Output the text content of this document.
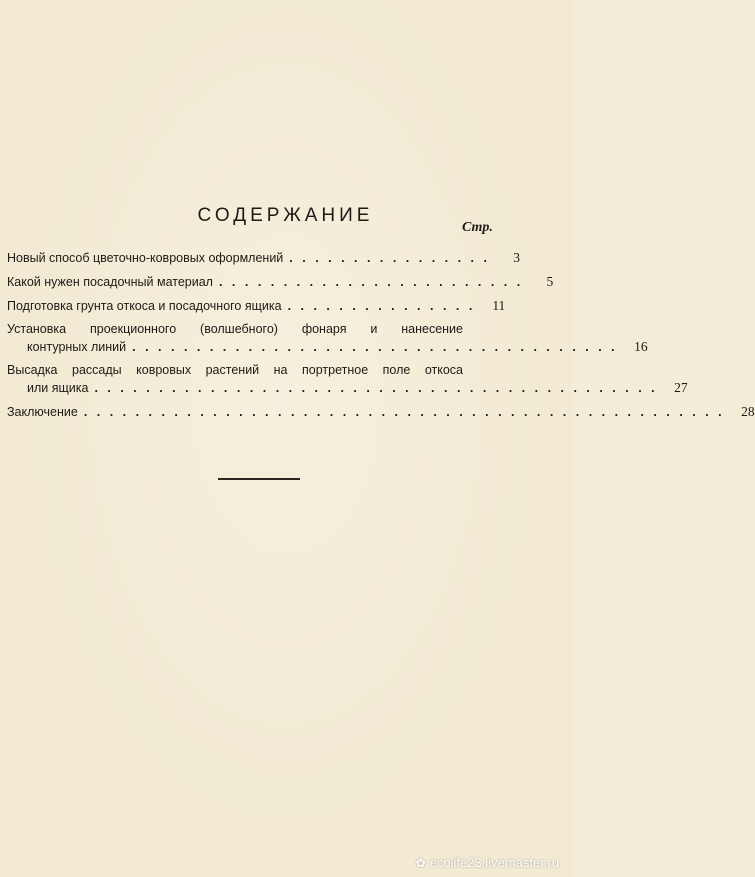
СОДЕРЖАНИЕ
Стр.
Новый способ цветочно-ковровых оформлений . . . . . . . . . . . . . . . .	3
Какой нужен посадочный материал . . . . . . . . . . . . . . . . . . . . . . . .	5
Подготовка грунта откоса и посадочного ящика . . . . . . . . . . . . . . .	11
Установка проекционного (волшебного) фонаря и нанесение
контурных линий . . . . . . . . . . . . . . . . . . . . . . . . . . . . . . . . . . . . . .	16
Высадка рассады ковровых растений на портретное поле откоса
или ящика . . . . . . . . . . . . . . . . . . . . . . . . . . . . . . . . . . . . . . . . . . . .	27
Заключение . . . . . . . . . . . . . . . . . . . . . . . . . . . . . . . . . . . . . . . . . . . . . . . . . .	28
✿ ecolife23.livemaster.ru
